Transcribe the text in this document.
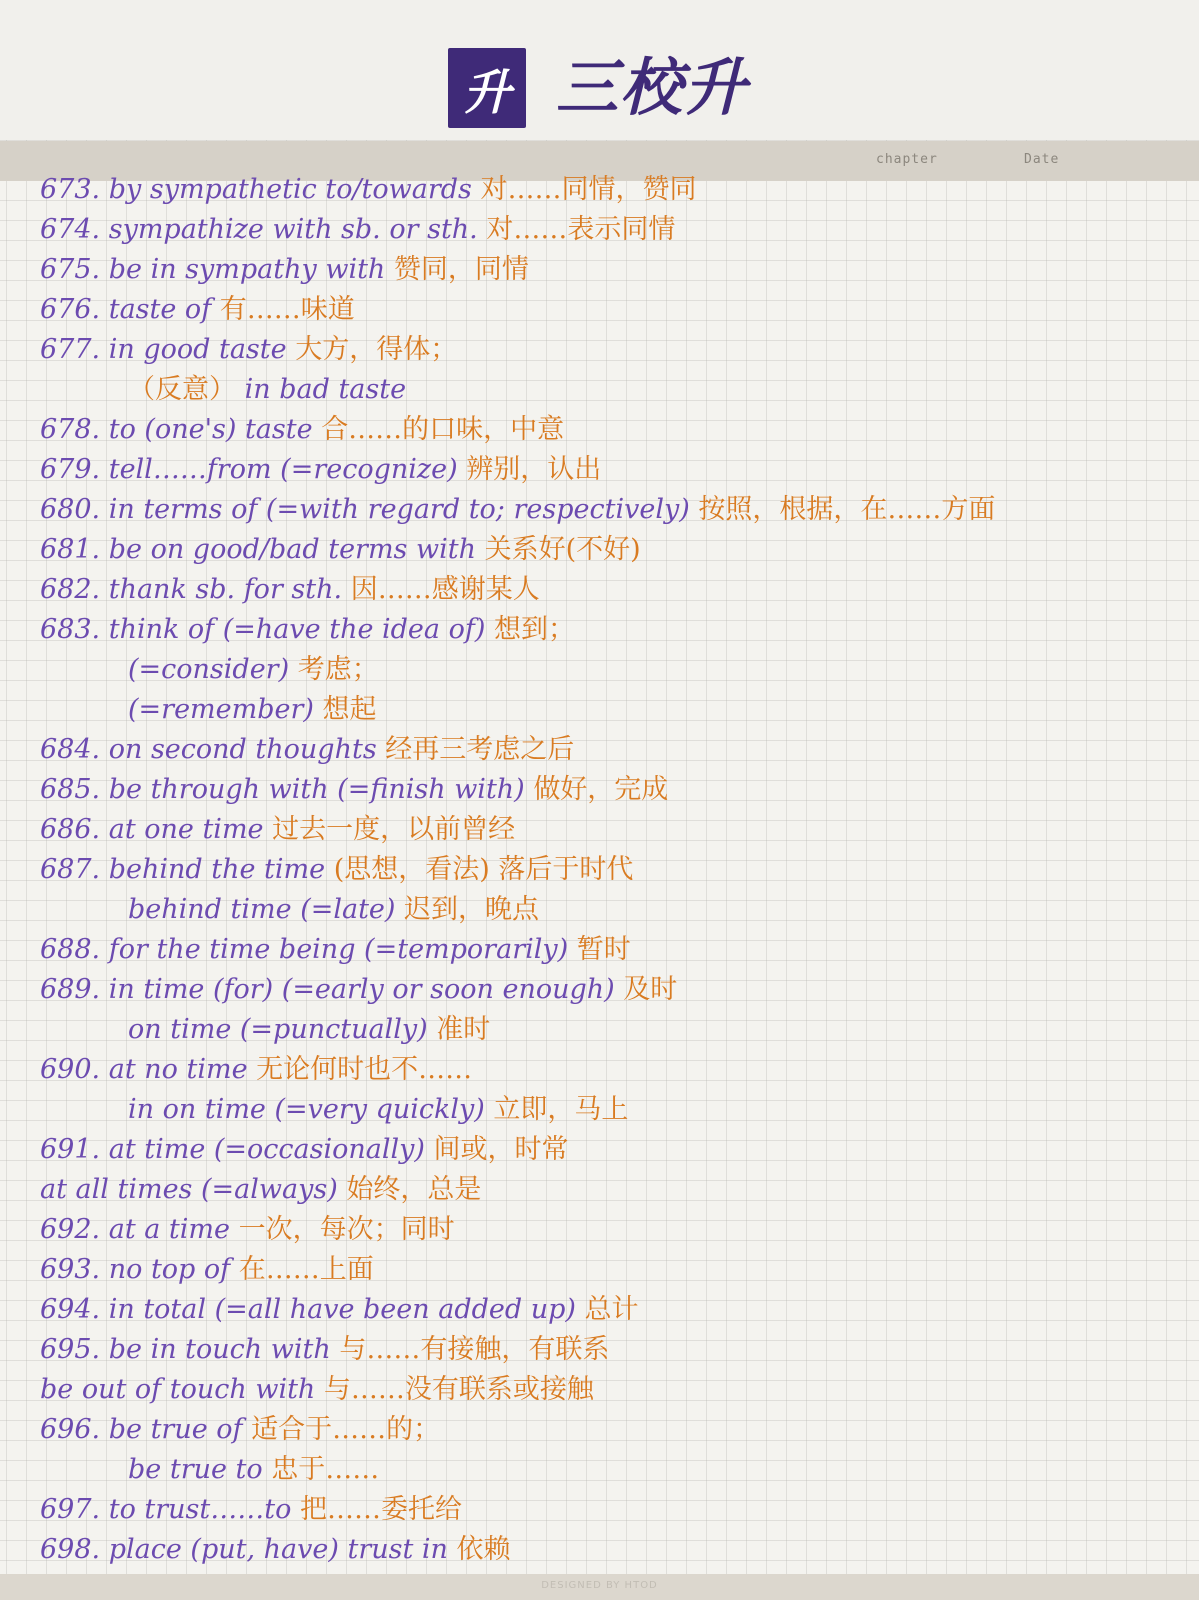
升 三校升
chapter	Date
673. by sympathetic to/towards 对……同情，赞同
674. sympathize with sb. or sth. 对……表示同情
675. be in sympathy with 赞同，同情
676. taste of 有……味道
677. in good taste 大方，得体；
（反意） in bad taste
678. to (one's) taste 合……的口味，中意
679. tell……from (=recognize) 辨别，认出
680. in terms of (=with regard to; respectively) 按照，根据，在……方面
681. be on good/bad terms with 关系好(不好)
682. thank sb. for sth. 因……感谢某人
683. think of (=have the idea of) 想到；
(=consider) 考虑；
(=remember) 想起
684. on second thoughts 经再三考虑之后
685. be through with (=finish with) 做好，完成
686. at one time 过去一度，以前曾经
687. behind the time (思想，看法) 落后于时代
behind time (=late) 迟到，晚点
688. for the time being (=temporarily) 暂时
689. in time (for) (=early or soon enough) 及时
on time (=punctually) 准时
690. at no time 无论何时也不……
in on time (=very quickly) 立即，马上
691. at time (=occasionally) 间或，时常
at all times (=always) 始终，总是
692. at a time 一次，每次；同时
693. no top of 在……上面
694. in total (=all have been added up) 总计
695. be in touch with 与……有接触，有联系
be out of touch with 与……没有联系或接触
696. be true of 适合于……的；
be true to 忠于……
697. to trust……to 把……委托给
698. place (put, have) trust in 依赖
DESIGNED BY HTOD
